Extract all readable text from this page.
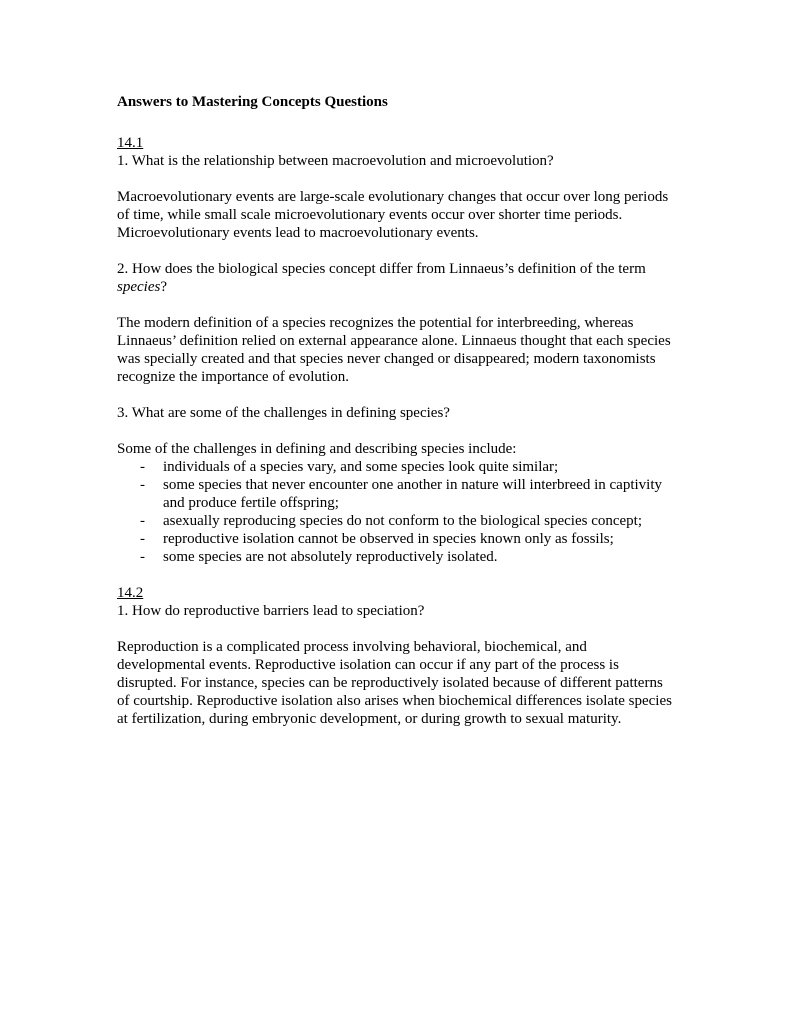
Answers to Mastering Concepts Questions
14.1
1. What is the relationship between macroevolution and microevolution?

Macroevolutionary events are large-scale evolutionary changes that occur over long periods of time, while small scale microevolutionary events occur over shorter time periods. Microevolutionary events lead to macroevolutionary events.

2. How does the biological species concept differ from Linnaeus’s definition of the term species?

The modern definition of a species recognizes the potential for interbreeding, whereas Linnaeus’ definition relied on external appearance alone. Linnaeus thought that each species was specially created and that species never changed or disappeared; modern taxonomists recognize the importance of evolution.

3. What are some of the challenges in defining species?
Some of the challenges in defining and describing species include:
- individuals of a species vary, and some species look quite similar;
- some species that never encounter one another in nature will interbreed in captivity and produce fertile offspring;
- asexually reproducing species do not conform to the biological species concept;
- reproductive isolation cannot be observed in species known only as fossils;
- some species are not absolutely reproductively isolated.
14.2
1. How do reproductive barriers lead to speciation?

Reproduction is a complicated process involving behavioral, biochemical, and developmental events. Reproductive isolation can occur if any part of the process is disrupted. For instance, species can be reproductively isolated because of different patterns of courtship. Reproductive isolation also arises when biochemical differences isolate species at fertilization, during embryonic development, or during growth to sexual maturity.
